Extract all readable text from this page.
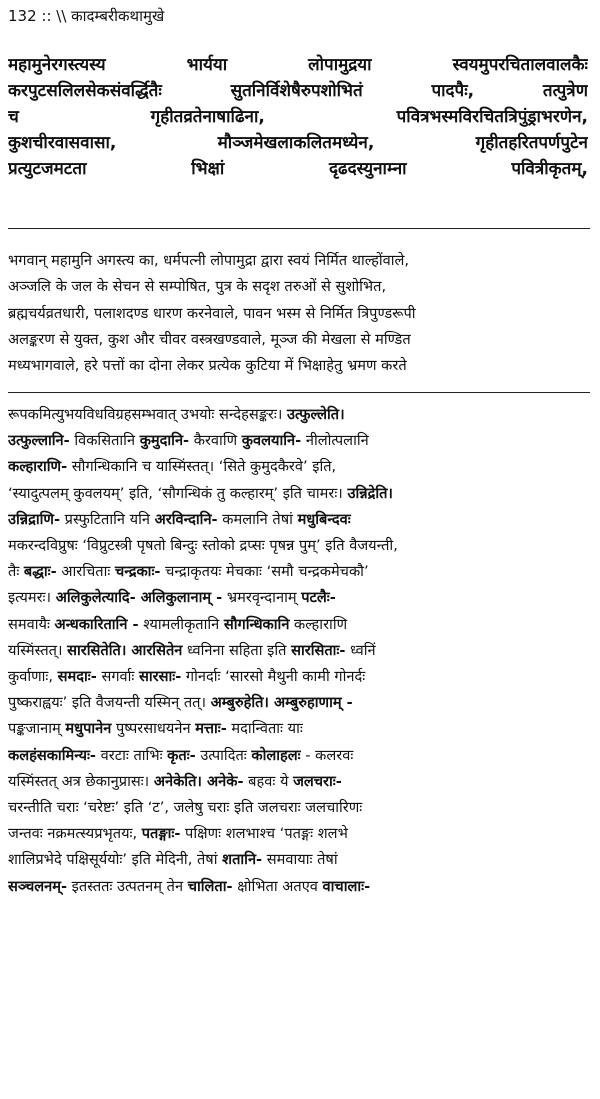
132 :: \\ कादम्बरीकथामुखे
महामुनेरगस्त्यस्य भार्यया लोपामुद्रया स्वयमुपरचितालवालकैः
करपुटसलिलसेकसंवर्द्धितैः सुतनिर्विशेषैरुपशोभितं पादपैः, तत्पुत्रेण
च गृहीतव्रतेनाषाढिना, पवित्रभस्मविरचितत्रिपुंड्राभरणेन,
कुशचीरवासवासा, मौञ्जमेखलाकलितमध्येन, गृहीतहरितपर्णपुटेन
प्रत्युटजमटता भिक्षां दृढदस्युनाम्ना पवित्रीकृतम्,
भगवान् महामुनि अगस्त्य का, धर्मपत्नी लोपामुद्रा द्वारा स्वयं निर्मित थाल्होंवाले,
अञ्जलि के जल के सेचन से सम्पोषित, पुत्र के सदृश तरुओं से सुशोभित,
ब्रह्मचर्यव्रतधारी, पलाशदण्ड धारण करनेवाले, पावन भस्म से निर्मित त्रिपुण्डरूपी
अलङ्करण से युक्त, कुश और चीवर वस्त्रखण्डवाले, मूञ्ज की मेखला से मण्डित
मध्यभागवाले, हरे पत्तों का दोना लेकर प्रत्येक कुटिया में भिक्षाहेतु भ्रमण करते
रूपकमित्युभयविधविग्रहसम्भवात् उभयोः सन्देहसङ्करः। उत्फुल्लेति।
उत्फुल्लानि- विकसितानि कुमुदानि- कैरवाणि कुवलयानि- नीलोत्पलानि
कल्हाराणि- सौगन्धिकानि च यास्मिंस्तत्। ‘सिते कुमुदकैरवे’ इति,
‘स्यादुत्पलम् कुवलयम्’ इति, ‘सौगन्धिकं तु कल्हारम्’ इति चामरः। उन्निद्रेति।
उन्निद्राणि- प्रस्फुटितानि यनि अरविन्दानि- कमलानि तेषां मधुबिन्दवः
मकरन्दविप्रुषः ‘विप्रुटस्त्री पृषतो बिन्दुः स्तोको द्रप्सः पृषन्न पुम्’ इति वैजयन्ती,
तैः बद्धाः- आरचिताः चन्द्रकाः- चन्द्राकृतयः मेचकाः ‘समौ चन्द्रकमेचकौ’
इत्यमरः। अलिकुलेत्यादि- अलिकुलानाम् - भ्रमरवृन्दानाम् पटलैः-
समवायैः अन्धकारितानि - श्यामलीकृतानि सौगन्धिकानि कल्हाराणि
यस्मिंस्तत्। सारसितेति। आरसितेन ध्वनिना सहिता इति सारसिताः- ध्वनिं
कुर्वाणाः, समदाः- सगर्वाः सारसाः- गोनर्दाः ‘सारसो मैथुनी कामी गोनर्दः
पुष्कराह्वयः’ इति वैजयन्ती यस्मिन् तत्। अम्बुरुहेति। अम्बुरुहाणाम् -
पङ्कजानाम् मधुपानेन पुष्परसाधयनेन मत्ताः- मदान्विताः याः
कलहंसकामिन्यः- वरटाः ताभिः कृतः- उत्पादितः कोलाहलः - कलरवः
यस्मिंस्तत् अत्र छेकानुप्रासः। अनेकेति। अनेके- बहवः ये जलचराः-
चरन्तीति चराः ‘चरेष्टः’ इति ‘ट’, जलेषु चराः इति जलचराः जलचारिणः
जन्तवः नक्रमत्स्यप्रभृतयः, पतङ्गाः- पक्षिणः शलभाश्च ‘पतङ्गः शलभे
शालिप्रभेदे पक्षिसूर्ययोः’ इति मेदिनी, तेषां शतानि- समवायाः तेषां
सञ्चलनम्- इतस्ततः उत्पतनम् तेन चालिता- क्षोभिता अतएव वाचालाः-
